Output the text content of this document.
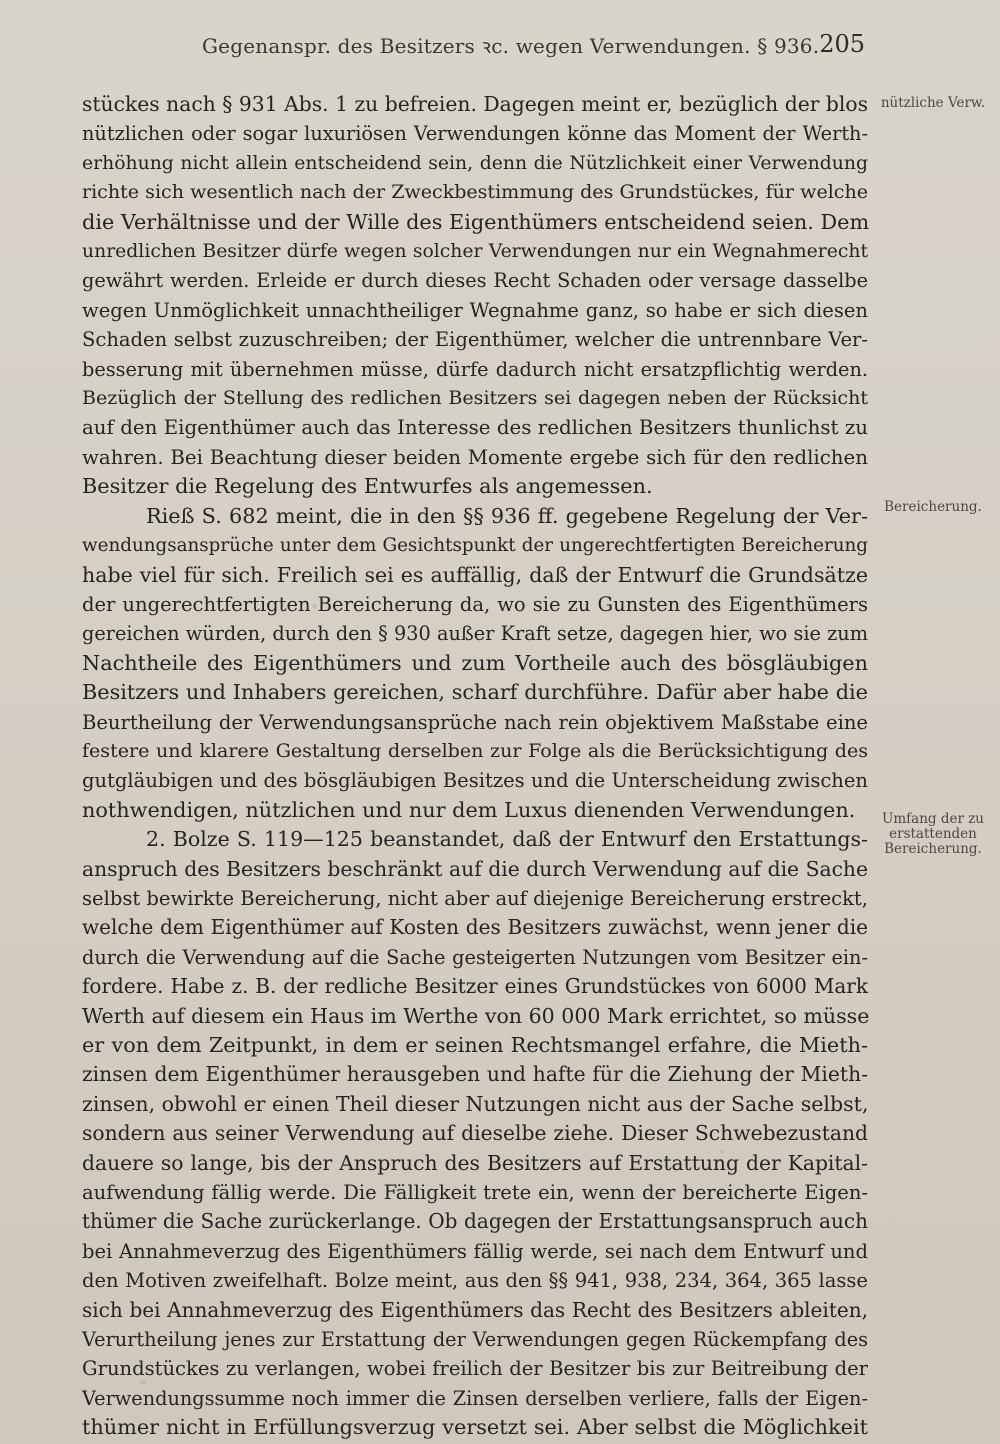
Gegenanspr. des Besitzers ꝛc. wegen Verwendungen. § 936. 205
stückes nach § 931 Abs. 1 zu befreien. Dagegen meint er, bezüglich der blos
nützlichen oder sogar luxuriösen Verwendungen könne das Moment der Werth-
erhöhung nicht allein entscheidend sein, denn die Nützlichkeit einer Verwendung
richte sich wesentlich nach der Zweckbestimmung des Grundstückes, für welche
die Verhältnisse und der Wille des Eigenthümers entscheidend seien. Dem
unredlichen Besitzer dürfe wegen solcher Verwendungen nur ein Wegnahmerecht
gewährt werden. Erleide er durch dieses Recht Schaden oder versage dasselbe
wegen Unmöglichkeit unnachtheiliger Wegnahme ganz, so habe er sich diesen
Schaden selbst zuzuschreiben; der Eigenthümer, welcher die untrennbare Ver-
besserung mit übernehmen müsse, dürfe dadurch nicht ersatzpflichtig werden.
Bezüglich der Stellung des redlichen Besitzers sei dagegen neben der Rücksicht
auf den Eigenthümer auch das Interesse des redlichen Besitzers thunlichst zu
wahren. Bei Beachtung dieser beiden Momente ergebe sich für den redlichen
Besitzer die Regelung des Entwurfes als angemessen.
Rieß S. 682 meint, die in den §§ 936 ff. gegebene Regelung der Ver-
wendungsansprüche unter dem Gesichtspunkt der ungerechtfertigten Bereicherung
habe viel für sich. Freilich sei es auffällig, daß der Entwurf die Grundsätze
der ungerechtfertigten Bereicherung da, wo sie zu Gunsten des Eigenthümers
gereichen würden, durch den § 930 außer Kraft setze, dagegen hier, wo sie zum
Nachtheile des Eigenthümers und zum Vortheile auch des bösgläubigen
Besitzers und Inhabers gereichen, scharf durchführe. Dafür aber habe die
Beurtheilung der Verwendungsansprüche nach rein objektivem Maßstabe eine
festere und klarere Gestaltung derselben zur Folge als die Berücksichtigung des
gutgläubigen und des bösgläubigen Besitzes und die Unterscheidung zwischen
nothwendigen, nützlichen und nur dem Luxus dienenden Verwendungen.
2. Bolze S. 119—125 beanstandet, daß der Entwurf den Erstattungs-
anspruch des Besitzers beschränkt auf die durch Verwendung auf die Sache
selbst bewirkte Bereicherung, nicht aber auf diejenige Bereicherung erstreckt,
welche dem Eigenthümer auf Kosten des Besitzers zuwächst, wenn jener die
durch die Verwendung auf die Sache gesteigerten Nutzungen vom Besitzer ein-
fordere. Habe z. B. der redliche Besitzer eines Grundstückes von 6000 Mark
Werth auf diesem ein Haus im Werthe von 60 000 Mark errichtet, so müsse
er von dem Zeitpunkt, in dem er seinen Rechtsmangel erfahre, die Mieth-
zinsen dem Eigenthümer herausgeben und hafte für die Ziehung der Mieth-
zinsen, obwohl er einen Theil dieser Nutzungen nicht aus der Sache selbst,
sondern aus seiner Verwendung auf dieselbe ziehe. Dieser Schwebezustand
dauere so lange, bis der Anspruch des Besitzers auf Erstattung der Kapital-
aufwendung fällig werde. Die Fälligkeit trete ein, wenn der bereicherte Eigen-
thümer die Sache zurückerlange. Ob dagegen der Erstattungsanspruch auch
bei Annahmeverzug des Eigenthümers fällig werde, sei nach dem Entwurf und
den Motiven zweifelhaft. Bolze meint, aus den §§ 941, 938, 234, 364, 365 lasse
sich bei Annahmeverzug des Eigenthümers das Recht des Besitzers ableiten,
Verurtheilung jenes zur Erstattung der Verwendungen gegen Rückempfang des
Grundstückes zu verlangen, wobei freilich der Besitzer bis zur Beitreibung der
Verwendungssumme noch immer die Zinsen derselben verliere, falls der Eigen-
thümer nicht in Erfüllungsverzug versetzt sei. Aber selbst die Möglichkeit
nützliche Verw.
Bereicherung.
Umfang der zu
erstattenden
Bereicherung.
